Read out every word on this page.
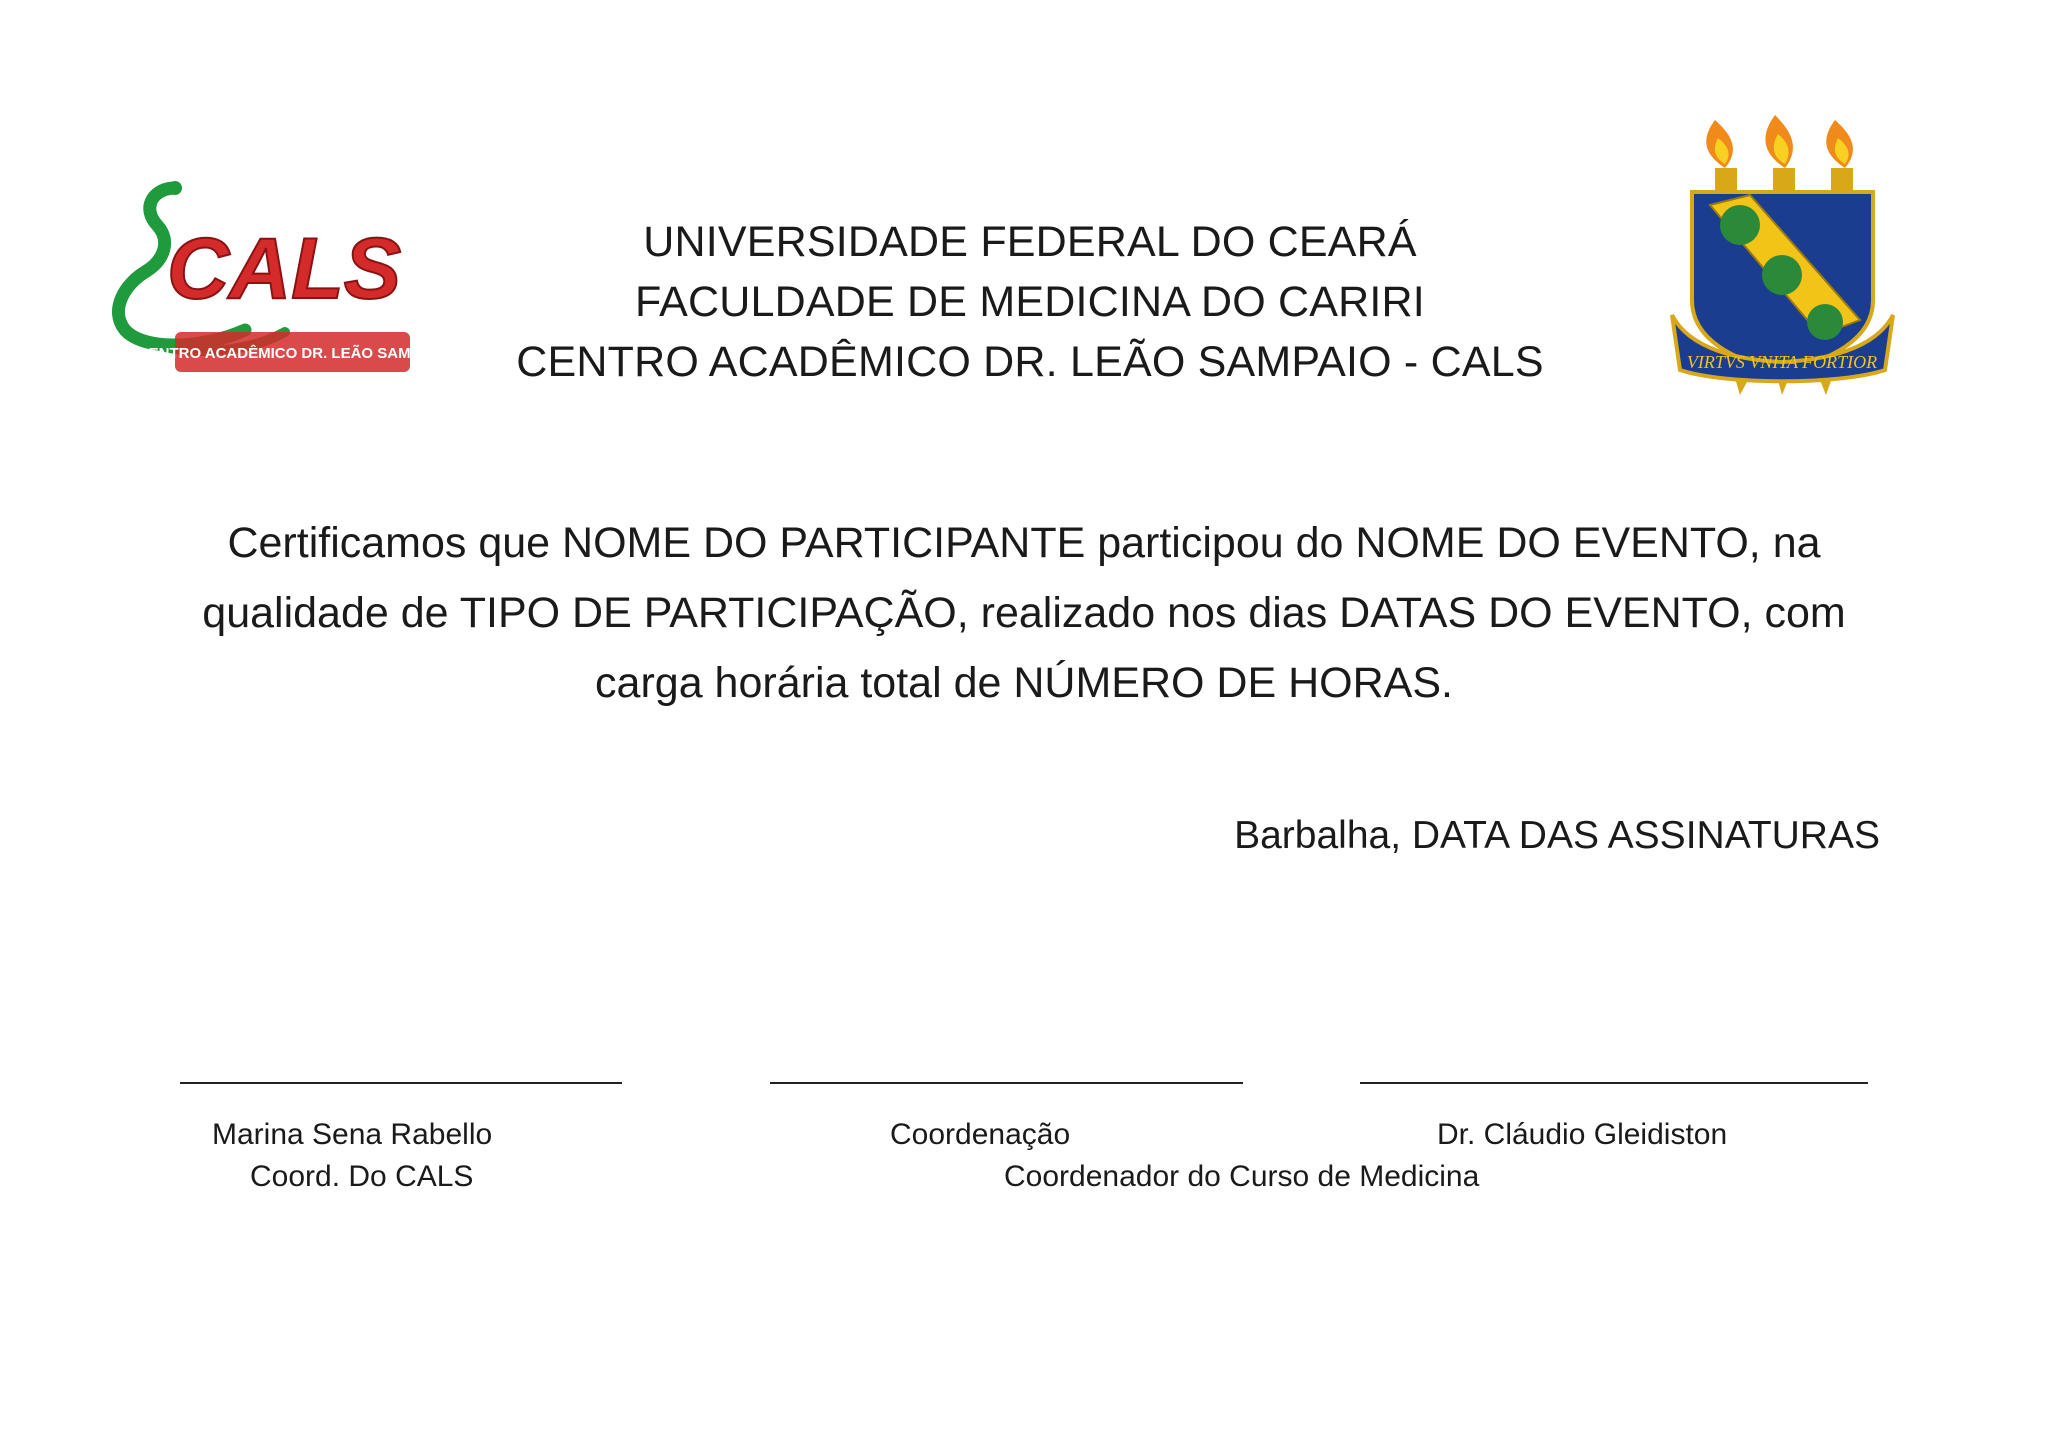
CALS
CENTRO ACADÊMICO DR. LEÃO SAMPAIO
UNIVERSIDADE FEDERAL DO CEARÁ
FACULDADE DE MEDICINA DO CARIRI
CENTRO ACADÊMICO DR. LEÃO SAMPAIO - CALS	VIRTVS VNITA FORTIOR
Certificamos que NOME DO PARTICIPANTE participou do NOME DO EVENTO, na qualidade de TIPO DE PARTICIPAÇÃO, realizado nos dias DATAS DO EVENTO, com carga horária total de NÚMERO DE HORAS.
Barbalha, DATA DAS ASSINATURAS
Marina Sena Rabello
Coord. Do CALS
Coordenação	Dr. Cláudio Gleidiston
Coordenador do Curso de Medicina
